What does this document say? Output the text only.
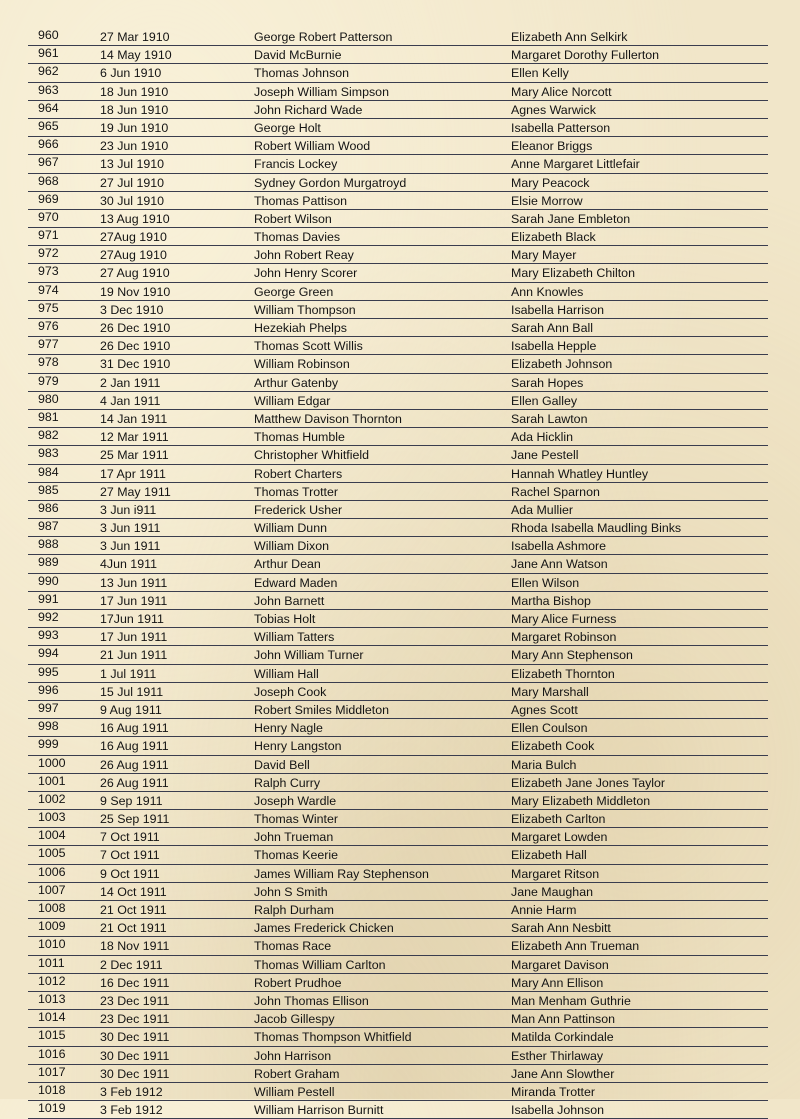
960	27 Mar 1910	George Robert Patterson	Elizabeth Ann Selkirk
961	14 May 1910	David McBurnie	Margaret Dorothy Fullerton
962	6 Jun 1910	Thomas Johnson	Ellen Kelly
963	18 Jun 1910	Joseph William Simpson	Mary Alice Norcott
964	18 Jun 1910	John Richard Wade	Agnes Warwick
965	19 Jun 1910	George Holt	Isabella Patterson
966	23 Jun 1910	Robert William Wood	Eleanor Briggs
967	13 Jul 1910	Francis Lockey	Anne Margaret Littlefair
968	27 Jul 1910	Sydney Gordon Murgatroyd	Mary Peacock
969	30 Jul 1910	Thomas Pattison	Elsie Morrow
970	13 Aug 1910	Robert Wilson	Sarah Jane Embleton
971	27Aug 1910	Thomas Davies	Elizabeth Black
972	27Aug 1910	John Robert Reay	Mary Mayer
973	27 Aug 1910	John Henry Scorer	Mary Elizabeth Chilton
974	19 Nov 1910	George Green	Ann Knowles
975	3 Dec 1910	William Thompson	Isabella Harrison
976	26 Dec 1910	Hezekiah Phelps	Sarah Ann Ball
977	26 Dec 1910	Thomas Scott Willis	Isabella Hepple
978	31 Dec 1910	William Robinson	Elizabeth Johnson
979	2 Jan 1911	Arthur Gatenby	Sarah Hopes
980	4 Jan 1911	William Edgar	Ellen Galley
981	14 Jan 1911	Matthew Davison Thornton	Sarah Lawton
982	12 Mar 1911	Thomas Humble	Ada Hicklin
983	25 Mar 1911	Christopher Whitfield	Jane Pestell
984	17 Apr 1911	Robert Charters	Hannah Whatley Huntley
985	27 May 1911	Thomas Trotter	Rachel Sparnon
986	3 Jun i911	Frederick Usher	Ada Mullier
987	3 Jun 1911	William Dunn	Rhoda Isabella Maudling Binks
988	3 Jun 1911	William Dixon	Isabella Ashmore
989	4Jun 1911	Arthur Dean	Jane Ann Watson
990	13 Jun 1911	Edward Maden	Ellen Wilson
991	17 Jun 1911	John Barnett	Martha Bishop
992	17Jun 1911	Tobias Holt	Mary Alice Furness
993	17 Jun 1911	William Tatters	Margaret Robinson
994	21 Jun 1911	John William Turner	Mary Ann Stephenson
995	1 Jul 1911	William Hall	Elizabeth Thornton
996	15 Jul 1911	Joseph Cook	Mary Marshall
997	9 Aug 1911	Robert Smiles Middleton	Agnes Scott
998	16 Aug 1911	Henry Nagle	Ellen Coulson
999	16 Aug 1911	Henry Langston	Elizabeth Cook
1000	26 Aug 1911	David Bell	Maria Bulch
1001	26 Aug 1911	Ralph Curry	Elizabeth Jane Jones Taylor
1002	9 Sep 1911	Joseph Wardle	Mary Elizabeth Middleton
1003	25 Sep 1911	Thomas Winter	Elizabeth Carlton
1004	7 Oct 1911	John Trueman	Margaret Lowden
1005	7 Oct 1911	Thomas Keerie	Elizabeth Hall
1006	9 Oct 1911	James William Ray Stephenson	Margaret Ritson
1007	14 Oct 1911	John S Smith	Jane Maughan
1008	21 Oct 1911	Ralph Durham	Annie Harm
1009	21 Oct 1911	James Frederick Chicken	Sarah Ann Nesbitt
1010	18 Nov 1911	Thomas Race	Elizabeth Ann Trueman
1011	2 Dec 1911	Thomas William Carlton	Margaret Davison
1012	16 Dec 1911	Robert Prudhoe	Mary Ann Ellison
1013	23 Dec 1911	John Thomas Ellison	Man Menham Guthrie
1014	23 Dec 1911	Jacob Gillespy	Man Ann Pattinson
1015	30 Dec 1911	Thomas Thompson Whitfield	Matilda Corkindale
1016	30 Dec 1911	John Harrison	Esther Thirlaway
1017	30 Dec 1911	Robert Graham	Jane Ann Slowther
1018	3 Feb 1912	William Pestell	Miranda Trotter
1019	3 Feb 1912	William Harrison Burnitt	Isabella Johnson
